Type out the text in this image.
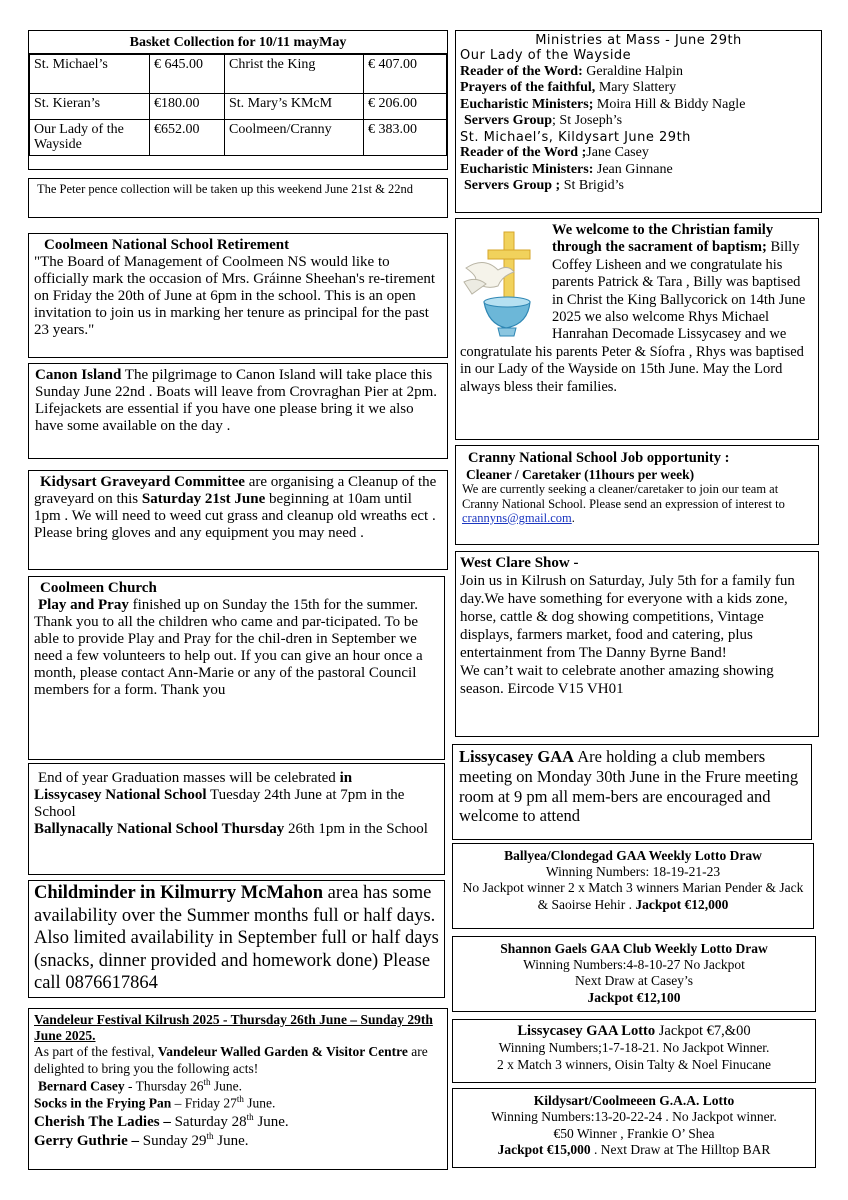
Basket Collection for 10/11 mayMay
St. Michael’s	€ 645.00	Christ the King	€ 407.00
St. Kieran’s	€180.00	St. Mary’s KMcM	€ 206.00
Our Lady of the Wayside	€652.00	Coolmeen/Cranny	€ 383.00
The Peter pence collection will be taken up this weekend June 21st & 22nd
Coolmeen National School Retirement
"The Board of Management of Coolmeen NS would like to officially mark the occasion of Mrs. Gráinne Sheehan's re-tirement on Friday the 20th of June at 6pm in the school. This is an open invitation to join us in marking her tenure as principal for the past 23 years."
Canon Island The pilgrimage to Canon Island will take place this Sunday June 22nd . Boats will leave from Crovraghan Pier at 2pm. Lifejackets are essential if you have one please bring it we also have some available on the day .
Kidysart Graveyard Committee are organising a Cleanup of the graveyard on this Saturday 21st June beginning at 10am until 1pm . We will need to weed cut grass and cleanup old wreaths ect . Please bring gloves and any equipment you may need .
Coolmeen Church
Play and Pray finished up on Sunday the 15th for the summer. Thank you to all the children who came and par-ticipated. To be able to provide Play and Pray for the chil-dren in September we need a few volunteers to help out. If you can give an hour once a month, please contact Ann-Marie or any of the pastoral Council members for a form. Thank you
End of year Graduation masses will be celebrated in
Lissycasey National School Tuesday 24th June at 7pm in the School
Ballynacally National School Thursday 26th 1pm in the School
Childminder in Kilmurry McMahon area has some availability over the Summer months full or half days. Also limited availability in September full or half days (snacks, dinner provided and homework done) Please call 0876617864
Vandeleur Festival Kilrush 2025 - Thursday 26th June – Sunday 29th June 2025.
As part of the festival, Vandeleur Walled Garden & Visitor Centre are delighted to bring you the following acts!
Bernard Casey - Thursday 26th June.
Socks in the Frying Pan – Friday 27th June.
Cherish The Ladies – Saturday 28th June.
Gerry Guthrie – Sunday 29th June.
Ministries at Mass - June 29th
Our Lady of the Wayside
Reader of the Word: Geraldine Halpin
Prayers of the faithful, Mary Slattery
Eucharistic Ministers; Moira Hill & Biddy Nagle
Servers Group; St Joseph’s
St. Michael’s, Kildysart June 29th
Reader of the Word ;Jane Casey
Eucharistic Ministers: Jean Ginnane
Servers Group ; St Brigid’s
We welcome to the Christian family through the sacrament of baptism; Billy Coffey Lisheen and we congratulate his parents Patrick & Tara , Billy was baptised in Christ the King Ballycorick on 14th June 2025 we also welcome Rhys Michael Hanrahan Decomade Lissycasey and we congratulate his parents Peter & Síofra , Rhys was baptised in our Lady of the Wayside on 15th June. May the Lord always bless their families.
Cranny National School Job opportunity :
Cleaner / Caretaker (11hours per week)
We are currently seeking a cleaner/caretaker to join our team at Cranny National School. Please send an expression of interest to crannyns@gmail.com.
West Clare Show -
Join us in Kilrush on Saturday, July 5th for a family fun day.We have something for everyone with a kids zone, horse, cattle & dog showing competitions, Vintage displays, farmers market, food and catering, plus entertainment from The Danny Byrne Band!
We can’t wait to celebrate another amazing showing season. Eircode V15 VH01
Lissycasey GAA Are holding a club members meeting on Monday 30th June in the Frure meeting room at 9 pm all mem-bers are encouraged and welcome to attend
Ballyea/Clondegad GAA Weekly Lotto Draw
Winning Numbers: 18-19-21-23
No Jackpot winner 2 x Match 3 winners Marian Pender & Jack & Saoirse Hehir . Jackpot €12,000
Shannon Gaels GAA Club Weekly Lotto Draw
Winning Numbers:4-8-10-27 No Jackpot
Next Draw at Casey’s
Jackpot €12,100
Lissycasey GAA Lotto Jackpot €7,&00
Winning Numbers;1-7-18-21. No Jackpot Winner.
2 x Match 3 winners, Oisin Talty & Noel Finucane
Kildysart/Coolmeeen G.A.A. Lotto
Winning Numbers:13-20-22-24 . No Jackpot winner.
€50 Winner , Frankie O’ Shea
Jackpot €15,000 . Next Draw at The Hilltop BAR
